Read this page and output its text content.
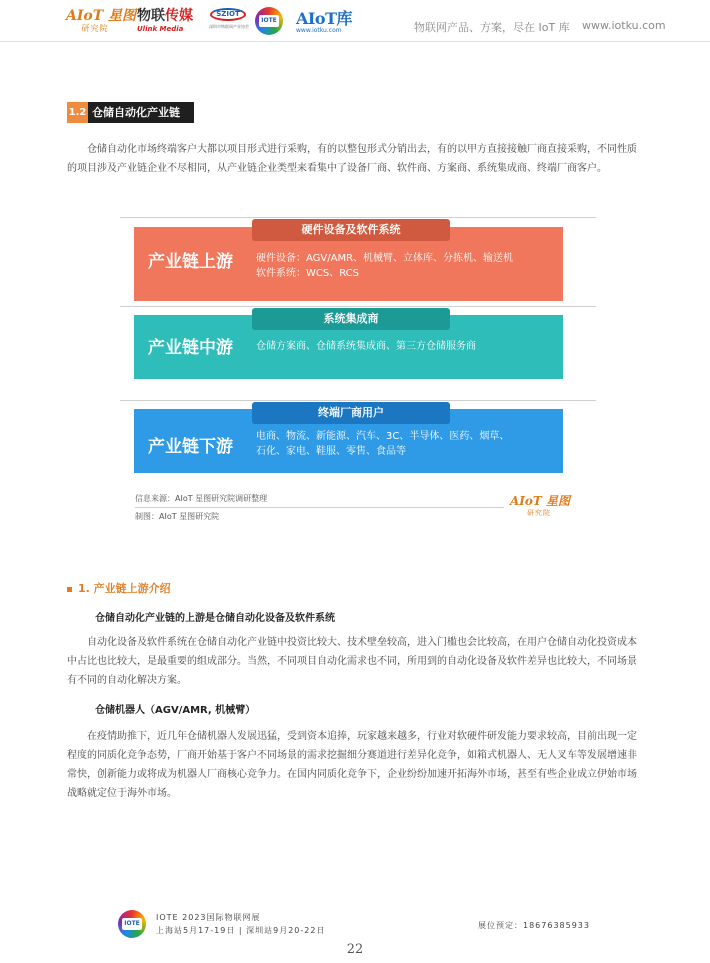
AIoT 星图
研究院
物联传媒
Ulink Media
SZIOT
深圳市物联网产业协会
IOTE AIoT库
www.iotku.com	物联网产品、方案，尽在 IoT 库 www.iotku.com
1.2 仓储自动化产业链

仓储自动化市场终端客户大都以项目形式进行采购，有的以整包形式分销出去，有的以甲方直接接触厂商直接采购，不同性质的项目涉及产业链企业不尽相同，从产业链企业类型来看集中了设备厂商、软件商、方案商、系统集成商、终端厂商客户。

产业链上游 硬件设备：AGV/AMR、机械臂、立体库、分拣机、输送机
软件系统：WCS、RCS
硬件设备及软件系统
产业链中游 仓储方案商、仓储系统集成商、第三方仓储服务商
系统集成商
产业链下游
电商、物流、新能源、汽车、3C、半导体、医药、烟草、
石化、家电、鞋服、零售、食品等
终端厂商用户
信息来源：AIoT 星图研究院调研整理
制图：AIoT 星图研究院
AIoT 星图
研究院
1. 产业链上游介绍
仓储自动化产业链的上游是仓储自动化设备及软件系统

自动化设备及软件系统在仓储自动化产业链中投资比较大、技术壁垒较高，进入门槛也会比较高，在用户仓储自动化投资成本中占比也比较大，是最重要的组成部分。当然，不同项目自动化需求也不同，所用到的自动化设备及软件差异也比较大，不同场景有不同的自动化解决方案。

仓储机器人（AGV/AMR, 机械臂）

在疫情助推下，近几年仓储机器人发展迅猛，受到资本追捧，玩家越来越多，行业对软硬件研发能力要求较高，目前出现一定程度的同质化竞争态势，厂商开始基于客户不同场景的需求挖掘细分赛道进行差异化竞争，如箱式机器人、无人叉车等发展增速非常快，创新能力或将成为机器人厂商核心竞争力。在国内同质化竞争下，企业纷纷加速开拓海外市场，甚至有些企业成立伊始市场战略就定位于海外市场。

IOTE
IOTE 2023国际物联网展
上海站5月17-19日 | 深圳站9月20-22日
展位预定：18676385933
22
